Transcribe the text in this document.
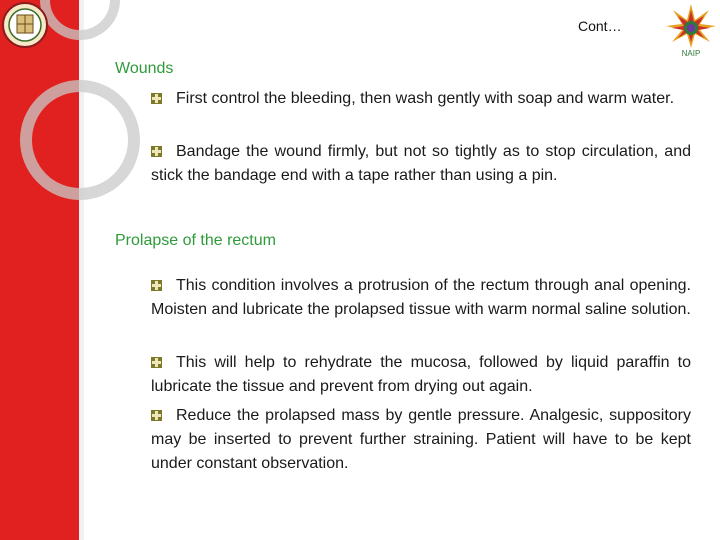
Cont…
NAIP
Wounds
First control the bleeding, then wash gently with soap and warm water.
Bandage the wound firmly, but not so tightly as to stop circulation, and stick the bandage end with a tape rather than using a pin.
Prolapse of the rectum
This condition involves a protrusion of the rectum through anal opening. Moisten and lubricate the prolapsed tissue with warm normal saline solution.
This will help to rehydrate the mucosa, followed by liquid paraffin to lubricate the tissue and prevent from drying out again.
Reduce the prolapsed mass by gentle pressure. Analgesic, suppository may be inserted to prevent further straining. Patient will have to be kept under constant observation.
